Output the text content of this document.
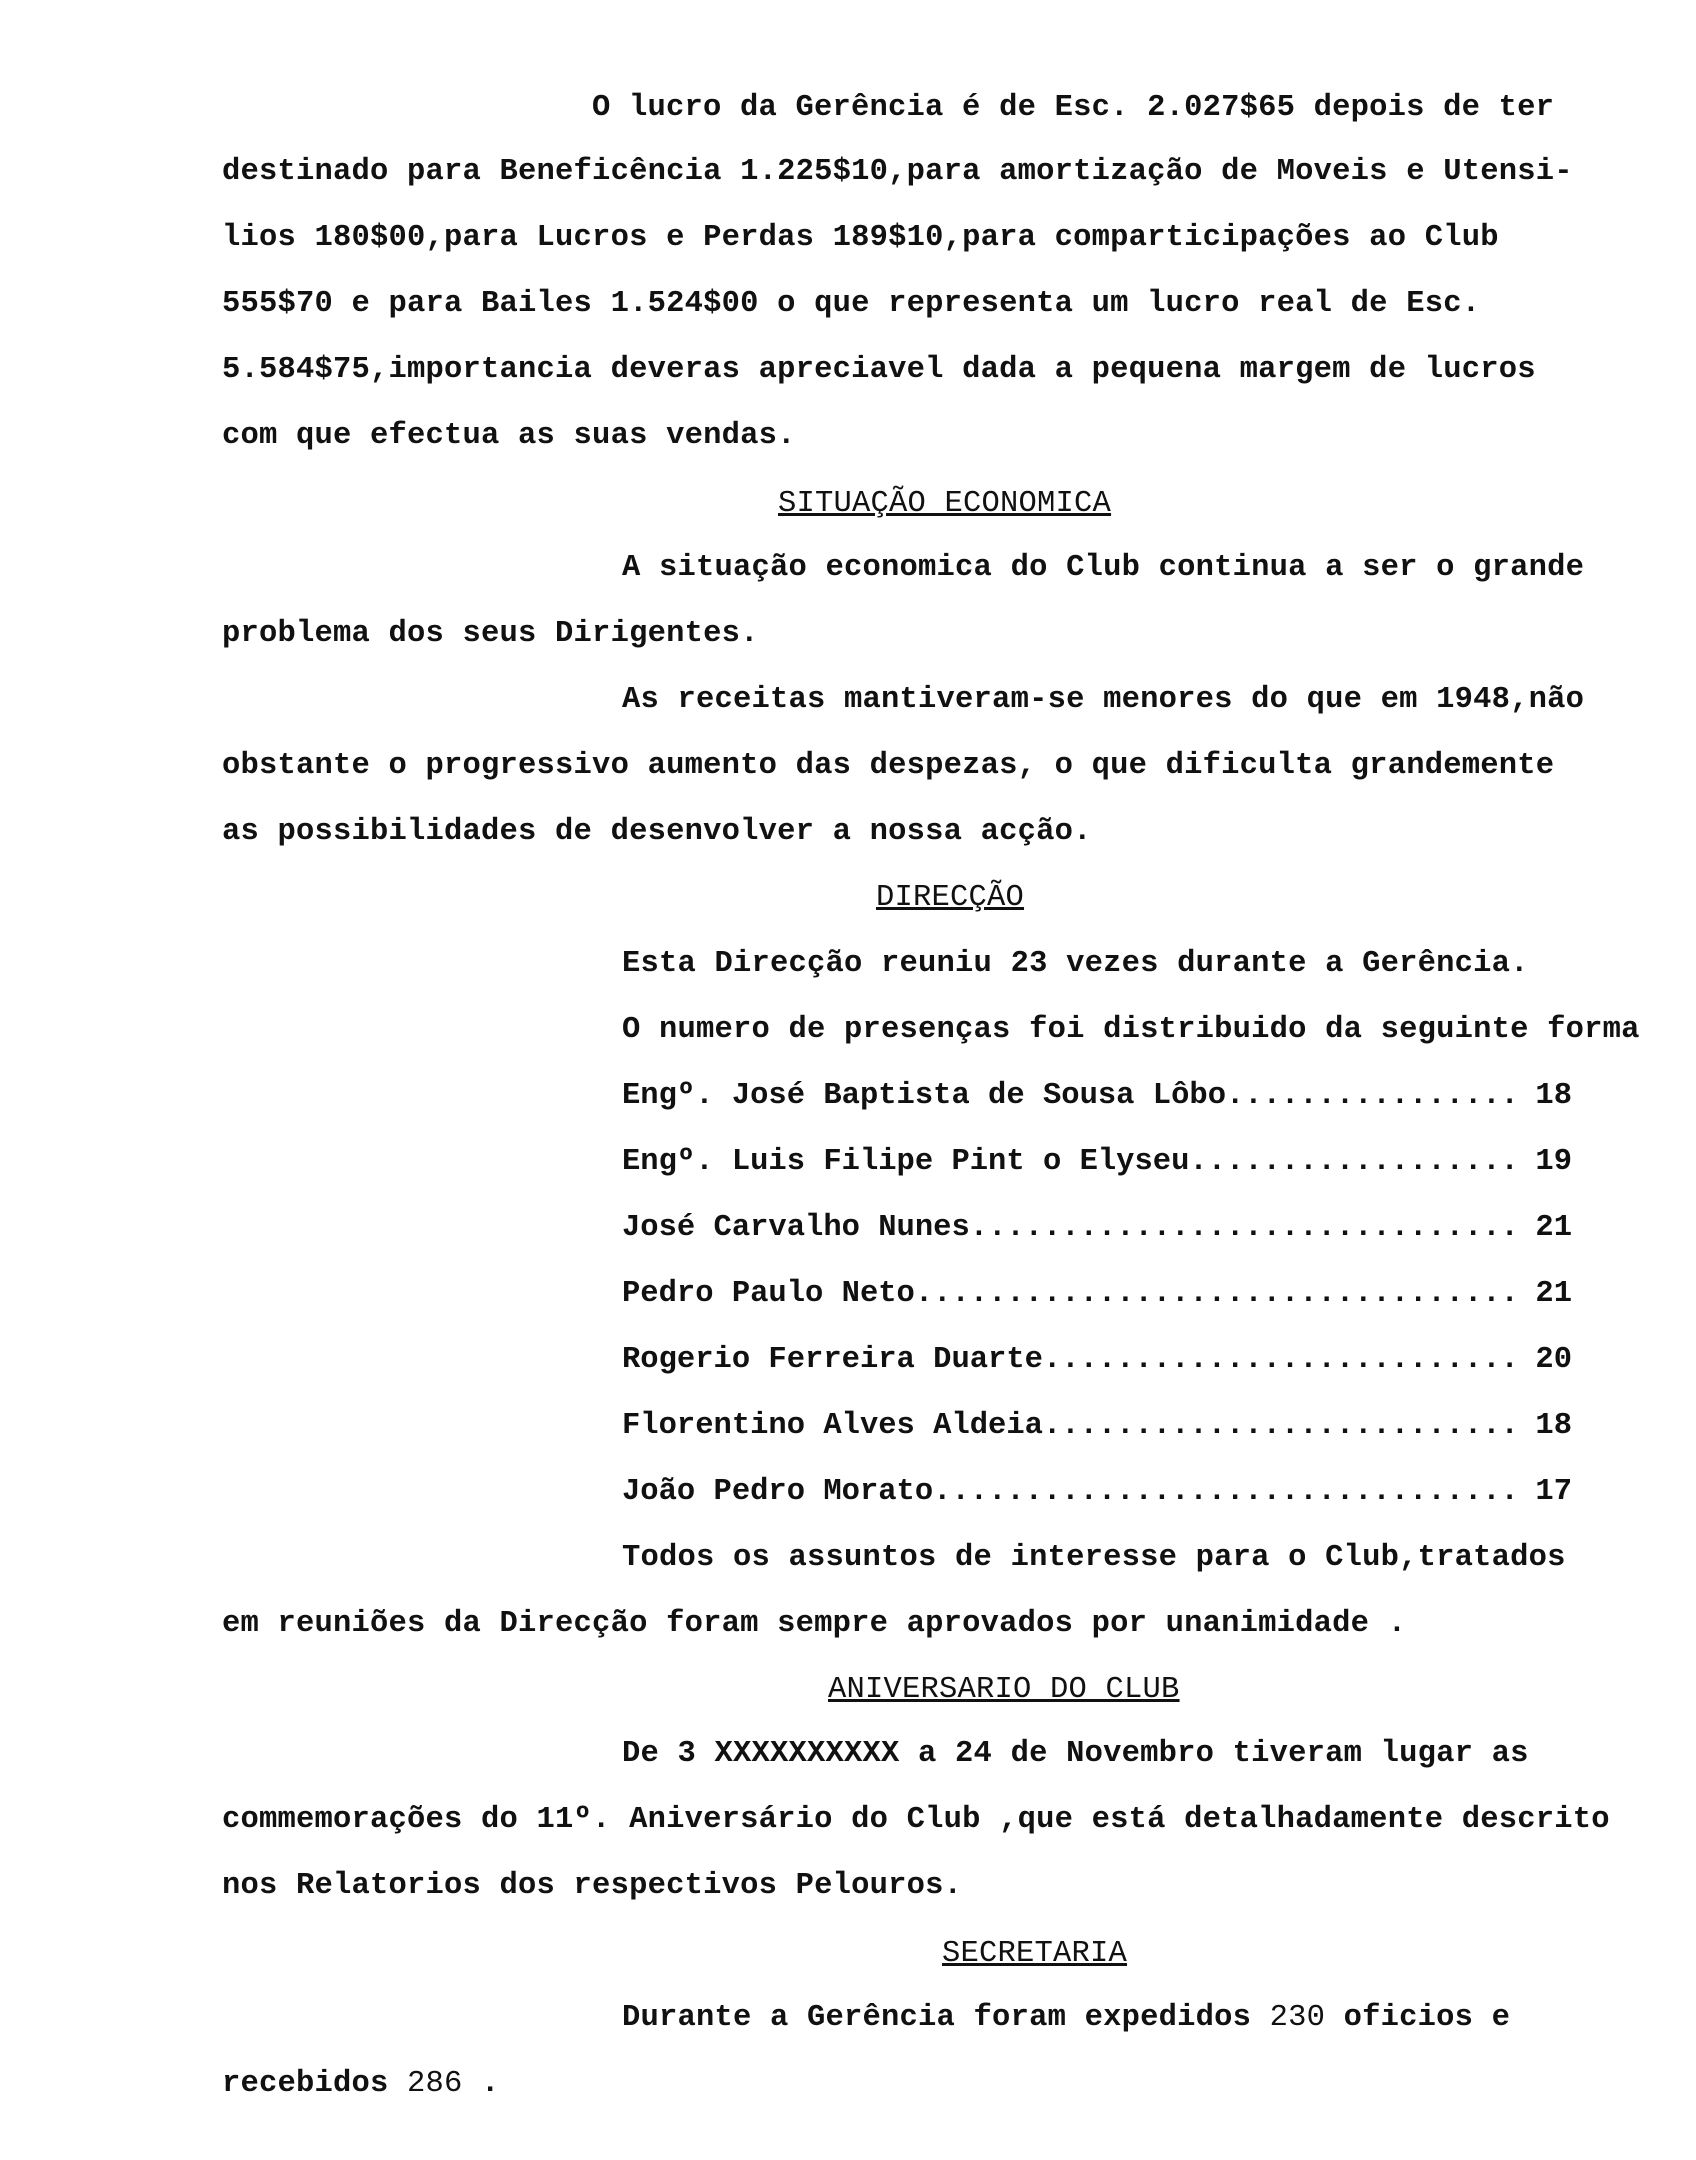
O lucro da Gerência é de Esc. 2.027$65 depois de ter
destinado para Beneficência 1.225$10,para amortização de Moveis e Utensi-
lios 180$00,para Lucros e Perdas 189$10,para comparticipações ao Club
555$70 e para Bailes 1.524$00 o que representa um lucro real de Esc.
5.584$75,importancia deveras apreciavel dada a pequena margem de lucros
com que efectua as suas vendas.
SITUAÇÃO ECONOMICA
A situação economica do Club continua a ser o grande
problema dos seus Dirigentes.
As receitas mantiveram-se menores do que em 1948,não
obstante o progressivo aumento das despezas, o que dificulta grandemente
as possibilidades de desenvolver a nossa acção.
DIRECÇÃO
Esta Direcção reuniu 23 vezes durante a Gerência.
O numero de presenças foi distribuido da seguinte forma
Engº. José Baptista de Sousa Lôbo .....	18
Engº. Luis Filipe Pint o Elyseu .....	19
José Carvalho Nunes .....	21
Pedro Paulo Neto .....	21
Rogerio Ferreira Duarte .....	20
Florentino Alves Aldeia .....	18
João Pedro Morato .....	17
Todos os assuntos de interesse para o Club,tratados
em reuniões da Direcção foram sempre aprovados por unanimidade .
ANIVERSARIO DO CLUB
De 3 XXXXXXXXXX a 24 de Novembro tiveram lugar as
commemorações do 11º. Aniversário do Club ,que está detalhadamente descrito
nos Relatorios dos respectivos Pelouros.
SECRETARIA
Durante a Gerência foram expedidos 230 oficios e
recebidos 286 .
